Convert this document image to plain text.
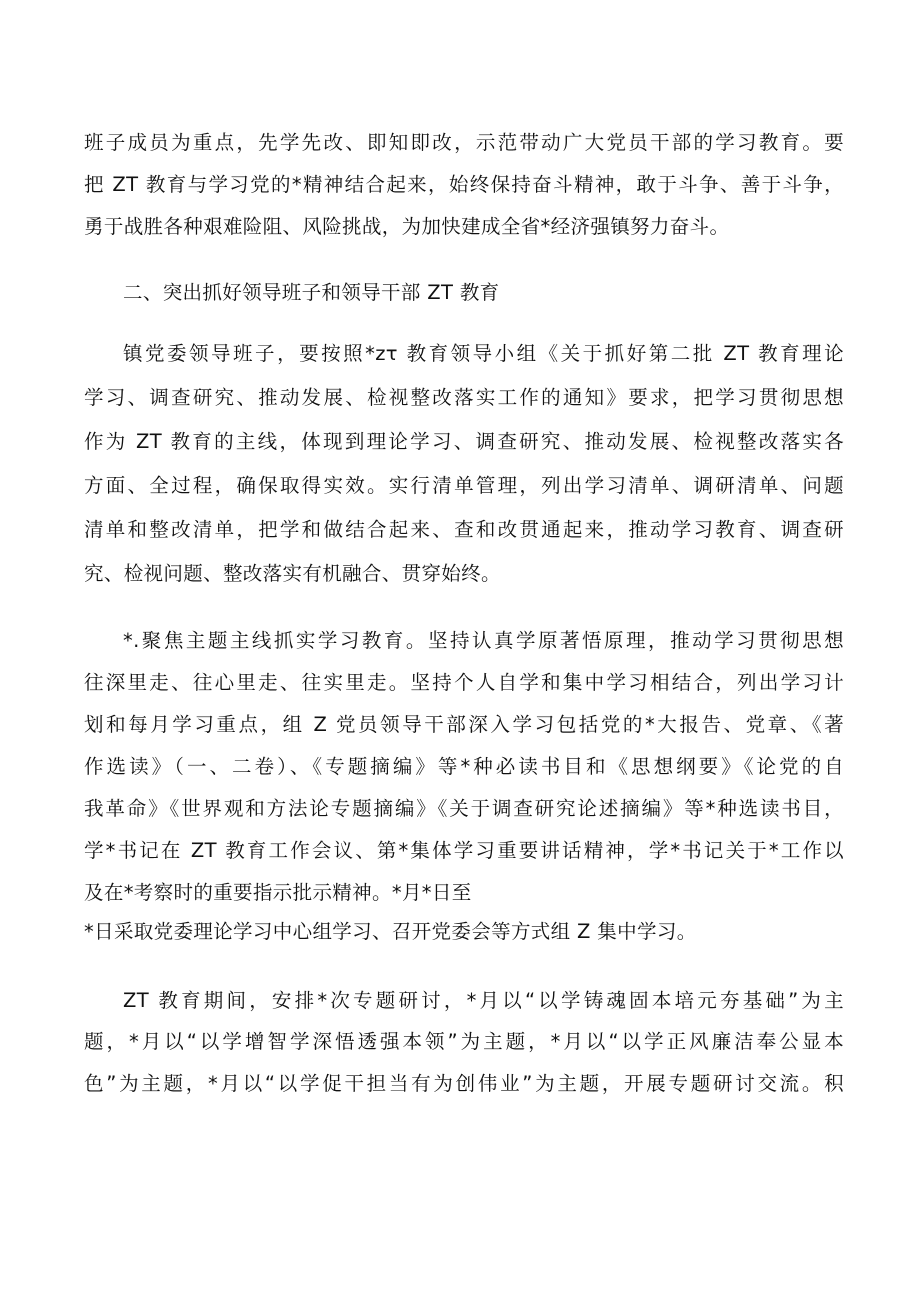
班子成员为重点，先学先改、即知即改，示范带动广大党员干部的学习教育。要
把 ZT 教育与学习党的*精神结合起来，始终保持奋斗精神，敢于斗争、善于斗争，
勇于战胜各种艰难险阻、风险挑战，为加快建成全省*经济强镇努力奋斗。
二、突出抓好领导班子和领导干部 ZT 教育
镇党委领导班子，要按照*zτ 教育领导小组《关于抓好第二批 ZT 教育理论
学习、调查研究、推动发展、检视整改落实工作的通知》要求，把学习贯彻思想
作为 ZT 教育的主线，体现到理论学习、调查研究、推动发展、检视整改落实各
方面、全过程，确保取得实效。实行清单管理，列出学习清单、调研清单、问题
清单和整改清单，把学和做结合起来、查和改贯通起来，推动学习教育、调查研
究、检视问题、整改落实有机融合、贯穿始终。
*.聚焦主题主线抓实学习教育。坚持认真学原著悟原理，推动学习贯彻思想
往深里走、往心里走、往实里走。坚持个人自学和集中学习相结合，列出学习计
划和每月学习重点，组 Z 党员领导干部深入学习包括党的*大报告、党章、《著
作选读》（一、二卷）、《专题摘编》等*种必读书目和《思想纲要》《论党的自
我革命》《世界观和方法论专题摘编》《关于调查研究论述摘编》等*种选读书目，
学*书记在 ZT 教育工作会议、第*集体学习重要讲话精神，学*书记关于*工作以
及在*考察时的重要指示批示精神。*月*日至
*日采取党委理论学习中心组学习、召开党委会等方式组 Z 集中学习。
ZT 教育期间，安排*次专题研讨，*月以“以学铸魂固本培元夯基础”为主
题，*月以“以学增智学深悟透强本领”为主题，*月以“以学正风廉洁奉公显本
色”为主题，*月以“以学促干担当有为创伟业”为主题，开展专题研讨交流。积
